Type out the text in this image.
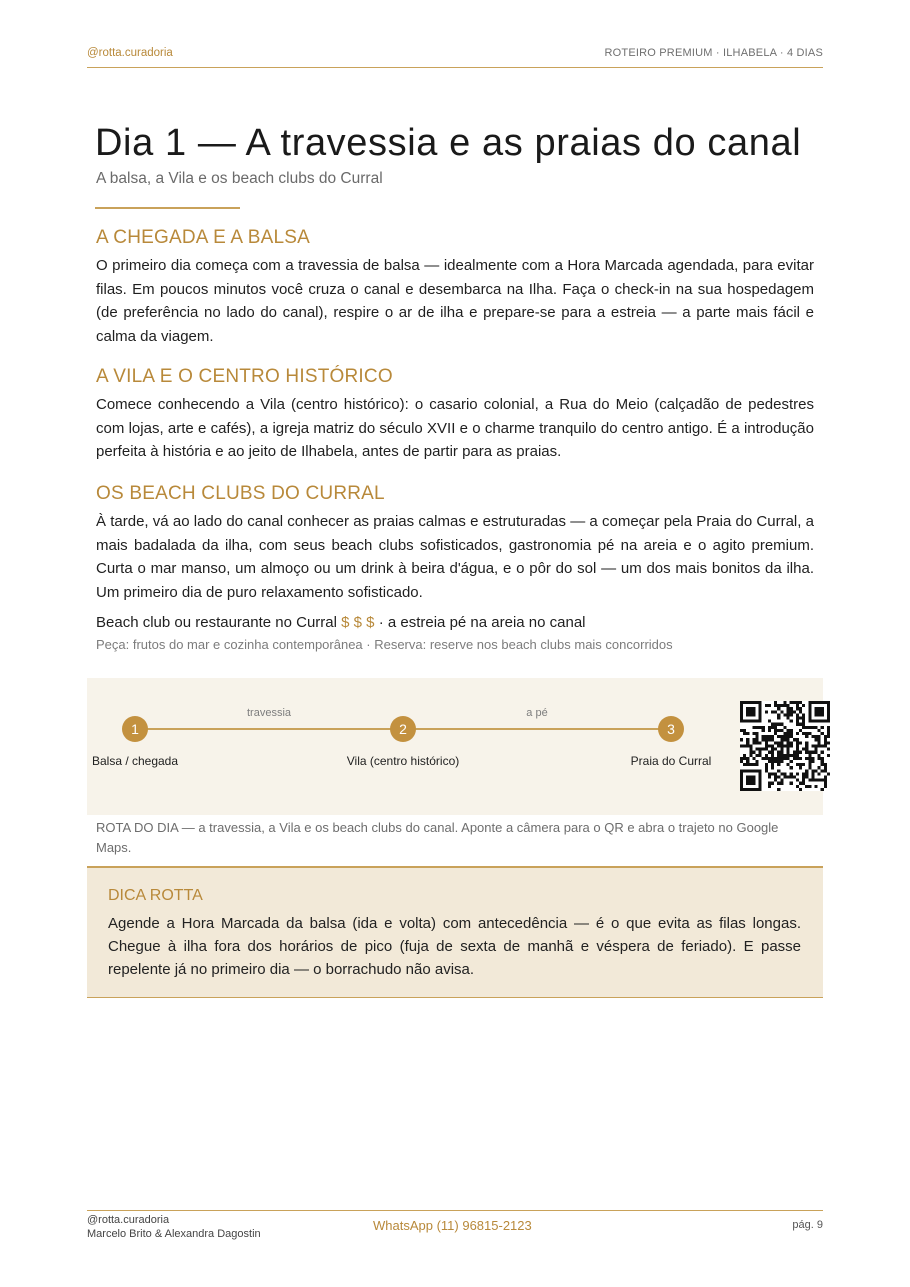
@rotta.curadoria	ROTEIRO PREMIUM · ILHABELA · 4 DIAS
Dia 1 — A travessia e as praias do canal
A balsa, a Vila e os beach clubs do Curral
A CHEGADA E A BALSA

O primeiro dia começa com a travessia de balsa — idealmente com a Hora Marcada agendada, para evitar filas. Em poucos minutos você cruza o canal e desembarca na Ilha. Faça o check-in na sua hospedagem (de preferência no lado do canal), respire o ar de ilha e prepare-se para a estreia — a parte mais fácil e calma da viagem.

A VILA E O CENTRO HISTÓRICO

Comece conhecendo a Vila (centro histórico): o casario colonial, a Rua do Meio (calçadão de pedestres com lojas, arte e cafés), a igreja matriz do século XVII e o charme tranquilo do centro antigo. É a introdução perfeita à história e ao jeito de Ilhabela, antes de partir para as praias.

OS BEACH CLUBS DO CURRAL

À tarde, vá ao lado do canal conhecer as praias calmas e estruturadas — a começar pela Praia do Curral, a mais badalada da ilha, com seus beach clubs sofisticados, gastronomia pé na areia e o agito premium. Curta o mar manso, um almoço ou um drink à beira d'água, e o pôr do sol — um dos mais bonitos da ilha. Um primeiro dia de puro relaxamento sofisticado.

Beach club ou restaurante no Curral $ $ $ · a estreia pé na areia no canal
Peça: frutos do mar e cozinha contemporânea · Reserva: reserve nos beach clubs mais concorridos
travessia	a pé
1	2	3
Balsa / chegada	Vila (centro histórico)	Praia do Curral
ROTA DO DIA — a travessia, a Vila e os beach clubs do canal. Aponte a câmera para o QR e abra o trajeto no Google Maps.
DICA ROTTA

Agende a Hora Marcada da balsa (ida e volta) com antecedência — é o que evita as filas longas. Chegue à ilha fora dos horários de pico (fuja de sexta de manhã e véspera de feriado). E passe repelente já no primeiro dia — o borrachudo não avisa.

@rotta.curadoria
Marcelo Brito & Alexandra Dagostin
WhatsApp (11) 96815-2123	pág. 9
